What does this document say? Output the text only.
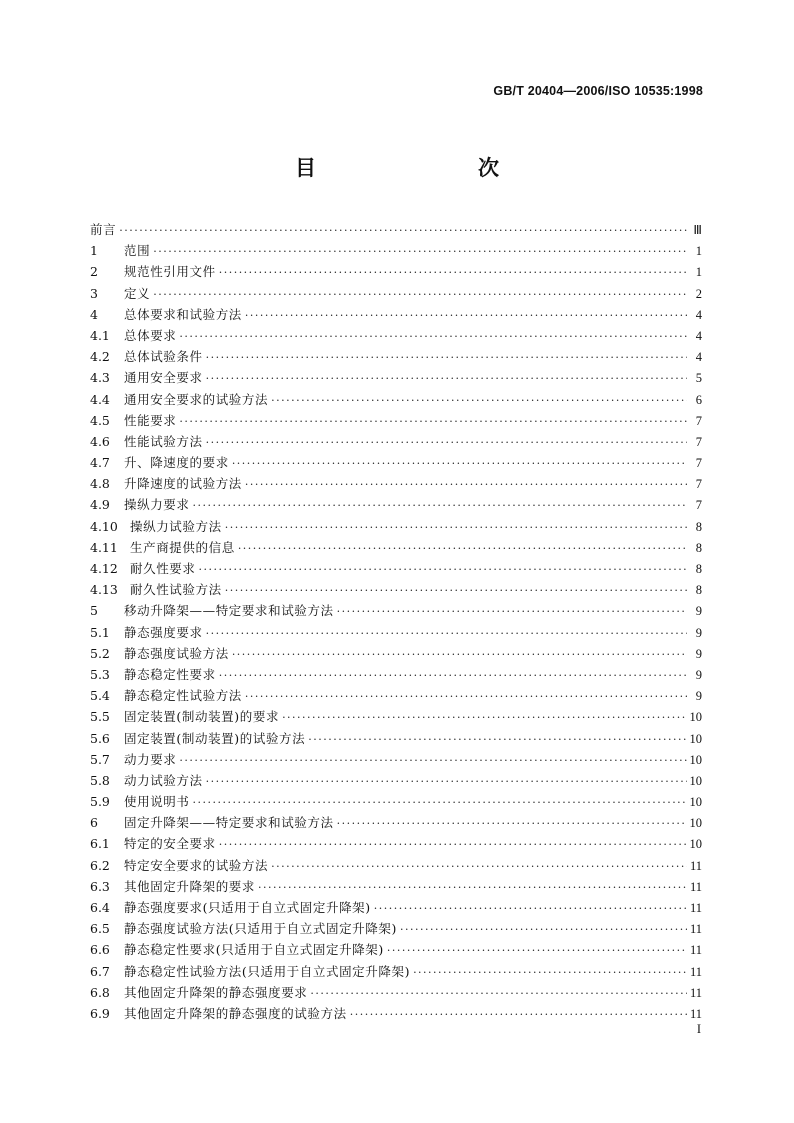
GB/T 20404—2006/ISO 10535:1998
目　　次
前言 ·····	Ⅲ
1	范围 ·····	1
2	规范性引用文件 ·····	1
3	定义 ·····	2
4	总体要求和试验方法 ·····	4
4.1	总体要求 ·····	4
4.2	总体试验条件 ·····	4
4.3	通用安全要求 ·····	5
4.4	通用安全要求的试验方法 ·····	6
4.5	性能要求 ·····	7
4.6	性能试验方法 ·····	7
4.7	升、降速度的要求 ·····	7
4.8	升降速度的试验方法 ·····	7
4.9	操纵力要求 ·····	7
4.10 操纵力试验方法 ·····	8
4.11 生产商提供的信息 ·····	8
4.12 耐久性要求 ·····	8
4.13 耐久性试验方法 ·····	8
5	移动升降架——特定要求和试验方法 ·····	9
5.1	静态强度要求 ·····	9
5.2	静态强度试验方法 ·····	9
5.3	静态稳定性要求 ·····	9
5.4	静态稳定性试验方法 ·····	9
5.5	固定装置(制动装置)的要求 ·····	10
5.6	固定装置(制动装置)的试验方法 ·····	10
5.7	动力要求 ·····	10
5.8	动力试验方法 ·····	10
5.9	使用说明书 ·····	10
6	固定升降架——特定要求和试验方法 ·····	10
6.1	特定的安全要求 ·····	10
6.2	特定安全要求的试验方法 ·····	11
6.3	其他固定升降架的要求 ·····	11
6.4	静态强度要求(只适用于自立式固定升降架) ·····	11
6.5	静态强度试验方法(只适用于自立式固定升降架) ·····	11
6.6	静态稳定性要求(只适用于自立式固定升降架) ·····	11
6.7	静态稳定性试验方法(只适用于自立式固定升降架) ·····	11
6.8	其他固定升降架的静态强度要求 ·····	11
6.9	其他固定升降架的静态强度的试验方法 ·····	11
I
